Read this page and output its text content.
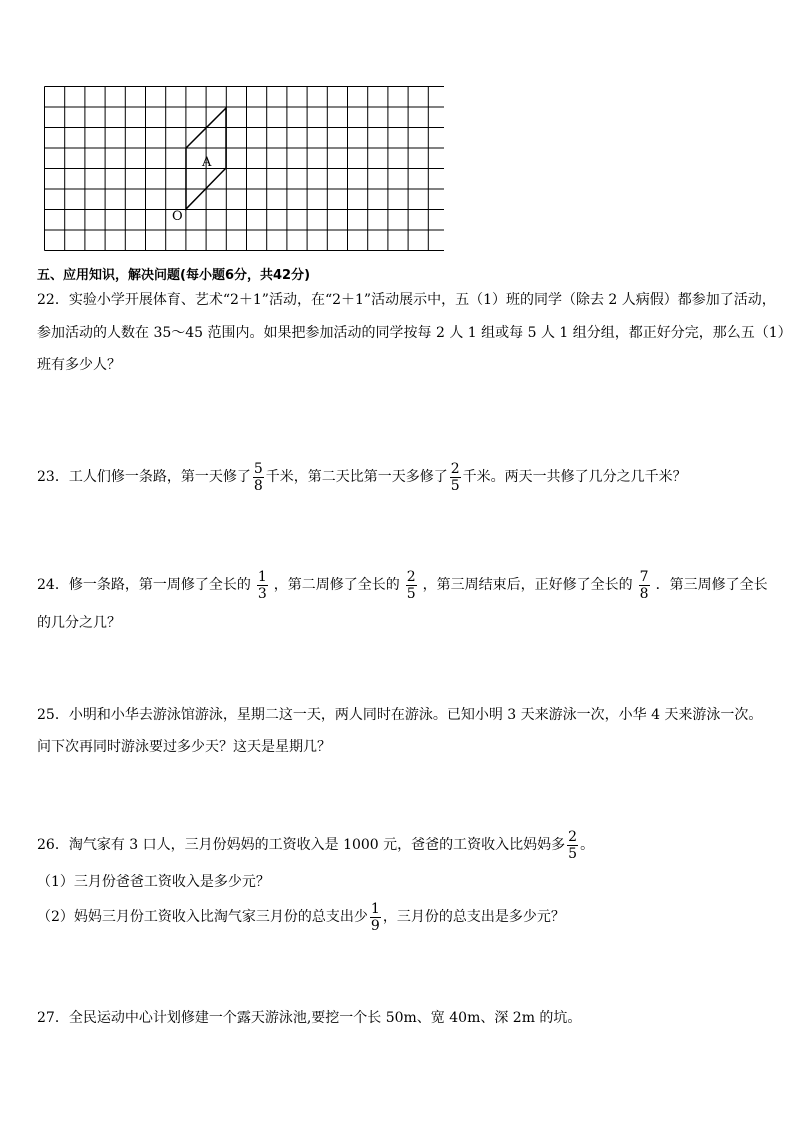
A
O
五、应用知识，解决问题(每小题6分，共42分)
22．实验小学开展体育、艺术“2＋1”活动，在“2＋1”活动展示中，五（1）班的同学（除去 2 人病假）都参加了活动，
参加活动的人数在 35～45 范围内。如果把参加活动的同学按每 2 人 1 组或每 5 人 1 组分组，都正好分完，那么五（1）
班有多少人？
23．工人们修一条路，第一天修了 $\frac{5}{8}$ 千米，第二天比第一天多修了 $\frac{2}{5}$ 千米。两天一共修了几分之几千米？
24．修一条路，第一周修了全长的 $\frac{1}{3}$ ，第二周修了全长的 $\frac{2}{5}$ ，第三周结束后，正好修了全长的 $\frac{7}{8}$ ．第三周修了全长
的几分之几？
25．小明和小华去游泳馆游泳，星期二这一天，两人同时在游泳。已知小明 3 天来游泳一次，小华 4 天来游泳一次。
问下次再同时游泳要过多少天？这天是星期几？
26．淘气家有 3 口人，三月份妈妈的工资收入是 1000 元，爸爸的工资收入比妈妈多 $\frac{2}{5}$ 。
（1）三月份爸爸工资收入是多少元？
（2）妈妈三月份工资收入比淘气家三月份的总支出少 $\frac{1}{9}$ ，三月份的总支出是多少元？
27．全民运动中心计划修建一个露天游泳池,要挖一个长 50m、宽 40m、深 2m 的坑。
